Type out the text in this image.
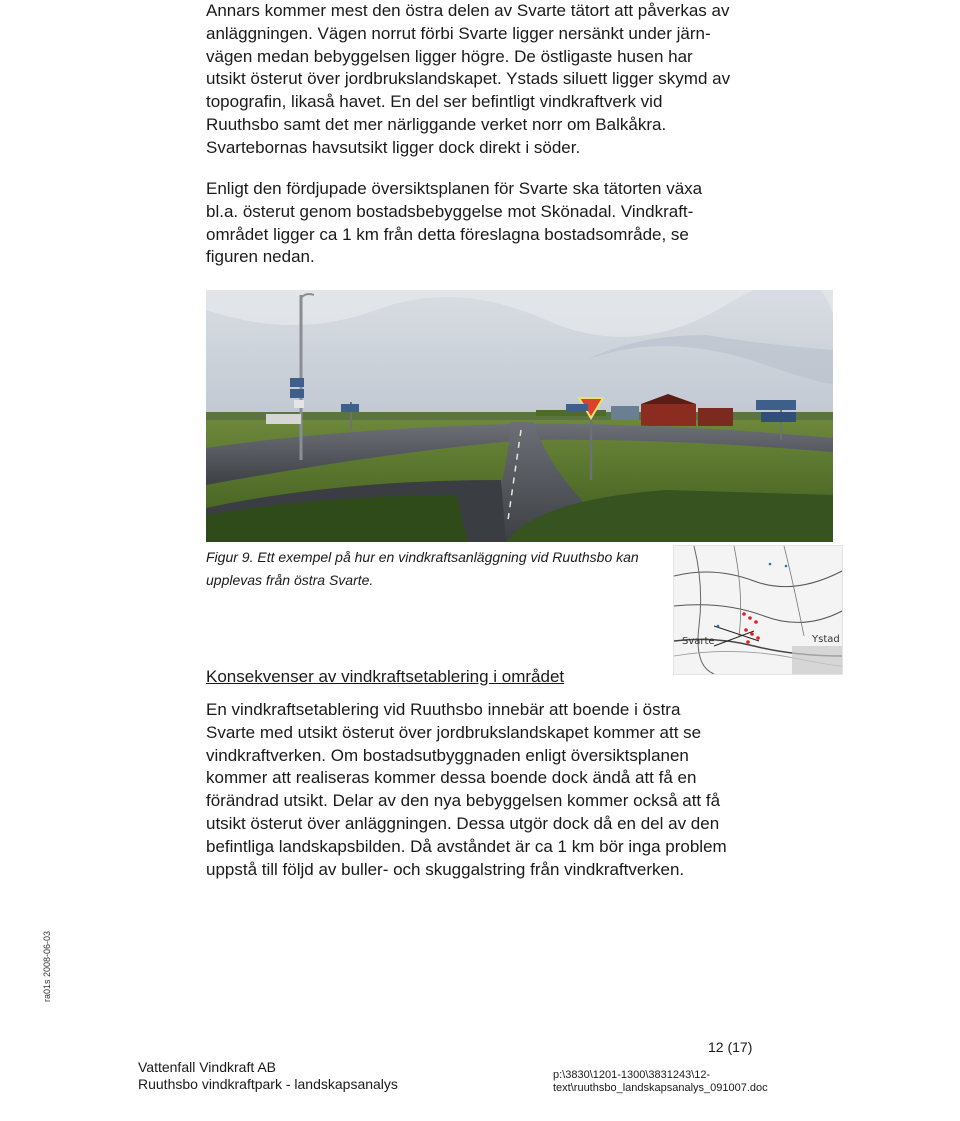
Annars kommer mest den östra delen av Svarte tätort att påverkas av
anläggningen. Vägen norrut förbi Svarte ligger nersänkt under järn-
vägen medan bebyggelsen ligger högre. De östligaste husen har
utsikt österut över jordbrukslandskapet. Ystads siluett ligger skymd av
topografin, likaså havet. En del ser befintligt vindkraftverk vid
Ruuthsbo samt det mer närliggande verket norr om Balkåkra.
Svartebornas havsutsikt ligger dock direkt i söder.
Enligt den fördjupade översiktsplanen för Svarte ska tätorten växa
bl.a. österut genom bostadsbebyggelse mot Skönadal. Vindkraft-
området ligger ca 1 km från detta föreslagna bostadsområde, se
figuren nedan.
Figur 9. Ett exempel på hur en vindkraftsanläggning vid Ruuthsbo kan
upplevas från östra Svarte.
Svarte	Ystad
Konsekvenser av vindkraftsetablering i området
En vindkraftsetablering vid Ruuthsbo innebär att boende i östra
Svarte med utsikt österut över jordbrukslandskapet kommer att se
vindkraftverken. Om bostadsutbyggnaden enligt översiktsplanen
kommer att realiseras kommer dessa boende dock ändå att få en
förändrad utsikt. Delar av den nya bebyggelsen kommer också att få
utsikt österut över anläggningen. Dessa utgör dock då en del av den
befintliga landskapsbilden. Då avståndet är ca 1 km bör inga problem
uppstå till följd av buller- och skuggalstring från vindkraftverken.
ra01s 2008-06-03
12 (17)
Vattenfall Vindkraft AB
Ruuthsbo vindkraftpark - landskapsanalys
p:\3830\1201-1300\3831243\12-
text\ruuthsbo_landskapsanalys_091007.doc
